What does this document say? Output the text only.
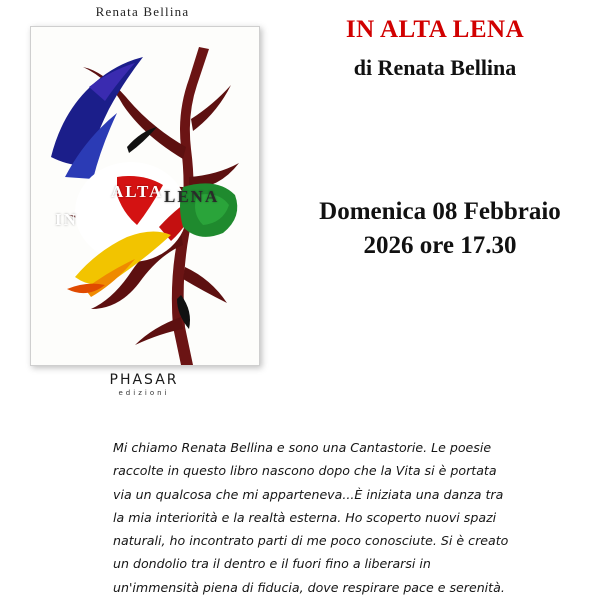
Renata Bellina
IN
ALTA LENA
PHASAR
edizioni
IN ALTA LENA
di Renata Bellina
Domenica 08 Febbraio
2026 ore 17.30
Mi chiamo Renata Bellina e sono una Cantastorie. Le poesie raccolte in questo libro nascono dopo che la Vita si è portata via un qualcosa che mi apparteneva...È iniziata una danza tra la mia interiorità e la realtà esterna. Ho scoperto nuovi spazi naturali, ho incontrato parti di me poco conosciute. Si è creato un dondolio tra il dentro e il fuori fino a liberarsi in un'immensità piena di fiducia, dove respirare pace e serenità.
